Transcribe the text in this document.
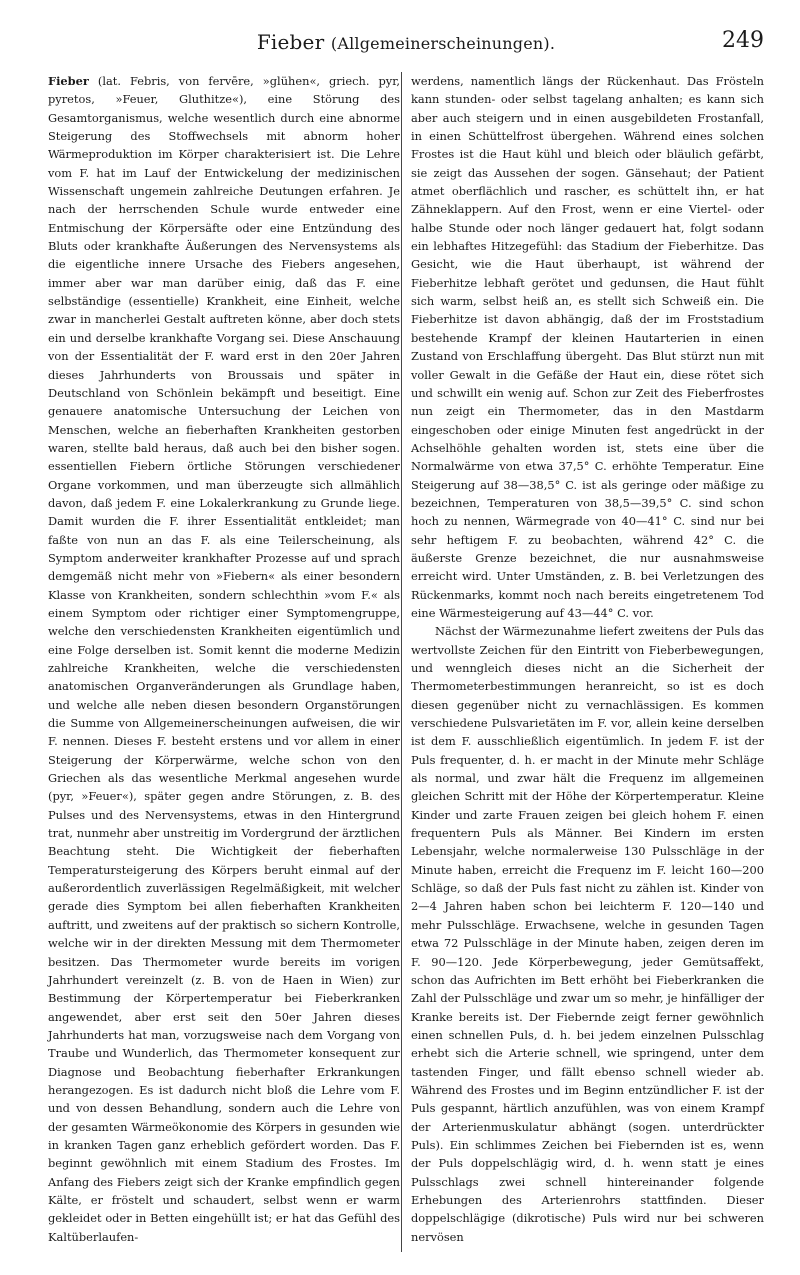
Fieber (Allgemeinerscheinungen).	249

Fieber (lat. Febris, von fervēre, »glühen«, griech. pyr, pyretos, »Feuer, Gluthitze«), eine Störung des Gesamtorganismus, welche wesentlich durch eine abnorme Steigerung des Stoffwechsels mit abnorm hoher Wärmeproduktion im Körper charakterisiert ist. Die Lehre vom F. hat im Lauf der Entwickelung der medizinischen Wissenschaft ungemein zahlreiche Deutungen erfahren. Je nach der herrschenden Schule wurde entweder eine Entmischung der Körpersäfte oder eine Entzündung des Bluts oder krankhafte Äußerungen des Nervensystems als die eigentliche innere Ursache des Fiebers angesehen, immer aber war man darüber einig, daß das F. eine selbständige (essentielle) Krankheit, eine Einheit, welche zwar in mancherlei Gestalt auftreten könne, aber doch stets ein und derselbe krankhafte Vorgang sei. Diese Anschauung von der Essentialität der F. ward erst in den 20er Jahren dieses Jahrhunderts von Broussais und später in Deutschland von Schönlein bekämpft und beseitigt. Eine genauere anatomische Untersuchung der Leichen von Menschen, welche an fieberhaften Krankheiten gestorben waren, stellte bald heraus, daß auch bei den bisher sogen. essentiellen Fiebern örtliche Störungen verschiedener Organe vorkommen, und man überzeugte sich allmählich davon, daß jedem F. eine Lokalerkrankung zu Grunde liege. Damit wurden die F. ihrer Essentialität entkleidet; man faßte von nun an das F. als eine Teilerscheinung, als Symptom anderweiter krankhafter Prozesse auf und sprach demgemäß nicht mehr von »Fiebern« als einer besondern Klasse von Krankheiten, sondern schlechthin »vom F.« als einem Symptom oder richtiger einer Symptomengruppe, welche den verschiedensten Krankheiten eigentümlich und eine Folge derselben ist. Somit kennt die moderne Medizin zahlreiche Krankheiten, welche die verschiedensten anatomischen Organveränderungen als Grundlage haben, und welche alle neben diesen besondern Organstörungen die Summe von Allgemeinerscheinungen aufweisen, die wir F. nennen. Dieses F. besteht erstens und vor allem in einer Steigerung der Körperwärme, welche schon von den Griechen als das wesentliche Merkmal angesehen wurde (pyr, »Feuer«), später gegen andre Störungen, z. B. des Pulses und des Nervensystems, etwas in den Hintergrund trat, nunmehr aber unstreitig im Vordergrund der ärztlichen Beachtung steht. Die Wichtigkeit der fieberhaften Temperatursteigerung des Körpers beruht einmal auf der außerordentlich zuverlässigen Regelmäßigkeit, mit welcher gerade dies Symptom bei allen fieberhaften Krankheiten auftritt, und zweitens auf der praktisch so sichern Kontrolle, welche wir in der direkten Messung mit dem Thermometer besitzen. Das Thermometer wurde bereits im vorigen Jahrhundert vereinzelt (z. B. von de Haen in Wien) zur Bestimmung der Körpertemperatur bei Fieberkranken angewendet, aber erst seit den 50er Jahren dieses Jahrhunderts hat man, vorzugsweise nach dem Vorgang von Traube und Wunderlich, das Thermometer konsequent zur Diagnose und Beobachtung fieberhafter Erkrankungen herangezogen. Es ist dadurch nicht bloß die Lehre vom F. und von dessen Behandlung, sondern auch die Lehre von der gesamten Wärmeökonomie des Körpers in gesunden wie in kranken Tagen ganz erheblich gefördert worden. Das F. beginnt gewöhnlich mit einem Stadium des Frostes. Im Anfang des Fiebers zeigt sich der Kranke empfindlich gegen Kälte, er fröstelt und schaudert, selbst wenn er warm gekleidet oder in Betten eingehüllt ist; er hat das Gefühl des Kaltüberlaufen-

werdens, namentlich längs der Rückenhaut. Das Frösteln kann stunden- oder selbst tagelang anhalten; es kann sich aber auch steigern und in einen ausgebildeten Frostanfall, in einen Schüttelfrost übergehen. Während eines solchen Frostes ist die Haut kühl und bleich oder bläulich gefärbt, sie zeigt das Aussehen der sogen. Gänsehaut; der Patient atmet oberflächlich und rascher, es schüttelt ihn, er hat Zähneklappern. Auf den Frost, wenn er eine Viertel- oder halbe Stunde oder noch länger gedauert hat, folgt sodann ein lebhaftes Hitzegefühl: das Stadium der Fieberhitze. Das Gesicht, wie die Haut überhaupt, ist während der Fieberhitze lebhaft gerötet und gedunsen, die Haut fühlt sich warm, selbst heiß an, es stellt sich Schweiß ein. Die Fieberhitze ist davon abhängig, daß der im Froststadium bestehende Krampf der kleinen Hautarterien in einen Zustand von Erschlaffung übergeht. Das Blut stürzt nun mit voller Gewalt in die Gefäße der Haut ein, diese rötet sich und schwillt ein wenig auf. Schon zur Zeit des Fieberfrostes nun zeigt ein Thermometer, das in den Mastdarm eingeschoben oder einige Minuten fest angedrückt in der Achselhöhle gehalten worden ist, stets eine über die Normalwärme von etwa 37,5° C. erhöhte Temperatur. Eine Steigerung auf 38—38,5° C. ist als geringe oder mäßige zu bezeichnen, Temperaturen von 38,5—39,5° C. sind schon hoch zu nennen, Wärmegrade von 40—41° C. sind nur bei sehr heftigem F. zu beobachten, während 42° C. die äußerste Grenze bezeichnet, die nur ausnahmsweise erreicht wird. Unter Umständen, z. B. bei Verletzungen des Rückenmarks, kommt noch nach bereits eingetretenem Tod eine Wärmesteigerung auf 43—44° C. vor.

Nächst der Wärmezunahme liefert zweitens der Puls das wertvollste Zeichen für den Eintritt von Fieberbewegungen, und wenngleich dieses nicht an die Sicherheit der Thermometerbestimmungen heranreicht, so ist es doch diesen gegenüber nicht zu vernachlässigen. Es kommen verschiedene Pulsvarietäten im F. vor, allein keine derselben ist dem F. ausschließlich eigentümlich. In jedem F. ist der Puls frequenter, d. h. er macht in der Minute mehr Schläge als normal, und zwar hält die Frequenz im allgemeinen gleichen Schritt mit der Höhe der Körpertemperatur. Kleine Kinder und zarte Frauen zeigen bei gleich hohem F. einen frequentern Puls als Männer. Bei Kindern im ersten Lebensjahr, welche normalerweise 130 Pulsschläge in der Minute haben, erreicht die Frequenz im F. leicht 160—200 Schläge, so daß der Puls fast nicht zu zählen ist. Kinder von 2—4 Jahren haben schon bei leichterm F. 120—140 und mehr Pulsschläge. Erwachsene, welche in gesunden Tagen etwa 72 Pulsschläge in der Minute haben, zeigen deren im F. 90—120. Jede Körperbewegung, jeder Gemütsaffekt, schon das Aufrichten im Bett erhöht bei Fieberkranken die Zahl der Pulsschläge und zwar um so mehr, je hinfälliger der Kranke bereits ist. Der Fiebernde zeigt ferner gewöhnlich einen schnellen Puls, d. h. bei jedem einzelnen Pulsschlag erhebt sich die Arterie schnell, wie springend, unter dem tastenden Finger, und fällt ebenso schnell wieder ab. Während des Frostes und im Beginn entzündlicher F. ist der Puls gespannt, härtlich anzufühlen, was von einem Krampf der Arterienmuskulatur abhängt (sogen. unterdrückter Puls). Ein schlimmes Zeichen bei Fiebernden ist es, wenn der Puls doppelschlägig wird, d. h. wenn statt je eines Pulsschlags zwei schnell hintereinander folgende Erhebungen des Arterienrohrs stattfinden. Dieser doppelschlägige (dikrotische) Puls wird nur bei schweren nervösen
